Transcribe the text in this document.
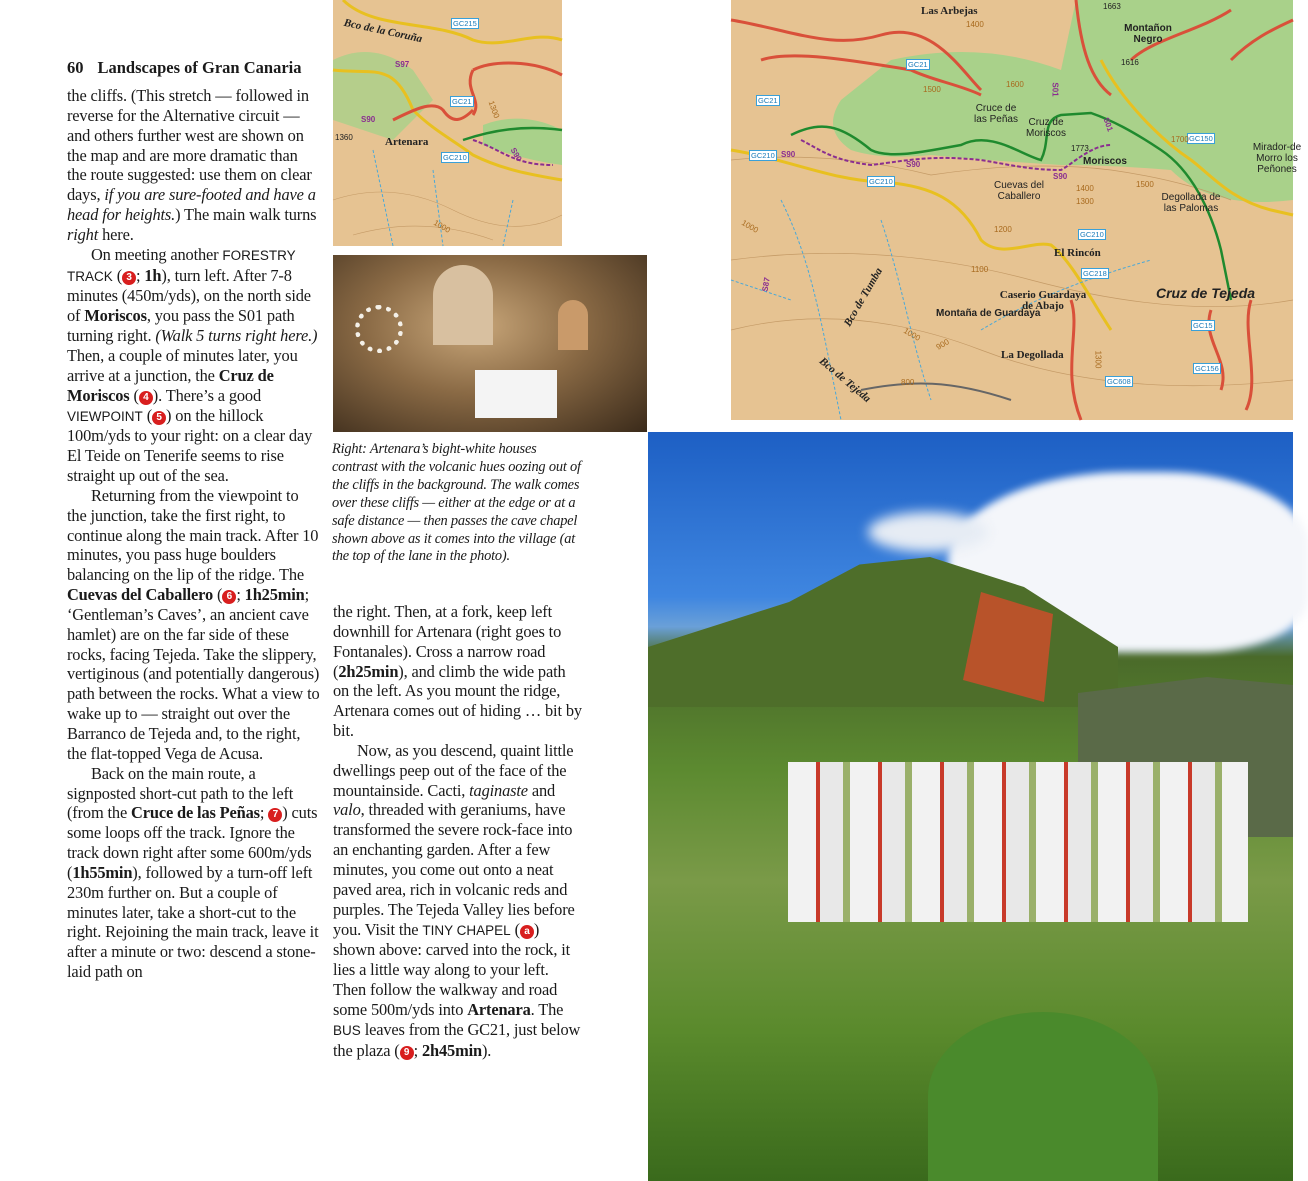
60 Landscapes of Gran Canaria

the cliffs. (This stretch — followed in reverse for the Alternative circuit — and others further west are shown on the map and are more dramatic than the route suggested: use them on clear days, if you are sure-footed and have a head for heights.) The main walk turns right here.

On meeting another FORESTRY TRACK ( 3 ; 1h), turn left. After 7-8 minutes (450m/yds), on the north side of Moriscos, you pass the S01 path turning right. (Walk 5 turns right here.) Then, a couple of minutes later, you arrive at a junction, the Cruz de Moriscos ( 4 ). There’s a good VIEWPOINT ( 5 ) on the hillock 100m/yds to your right: on a clear day El Teide on Tenerife seems to rise straight up out of the sea.

Returning from the viewpoint to the junction, take the first right, to continue along the main track. After 10 minutes, you pass huge boulders balancing on the lip of the ridge. The Cuevas del Caballero ( 6 ; 1h25min; ‘Gentleman’s Caves’, an ancient cave hamlet) are on the far side of these rocks, facing Tejeda. Take the slippery, vertiginous (and potentially dangerous) path between the rocks. What a view to wake up to — straight out over the Barranco de Tejeda and, to the right, the flat-topped Vega de Acusa.

Back on the main route, a signposted short-cut path to the left (from the Cruce de las Peñas; 7 ) cuts some loops off the track. Ignore the track down right after some 600m/yds (1h55min), followed by a turn-off left 230m further on. But a couple of minutes later, take a short-cut to the right. Rejoining the main track, leave it after a minute or two: descend a stone-laid path on

the right. Then, at a fork, keep left downhill for Artenara (right goes to Fontanales). Cross a narrow road (2h25min), and climb the wide path on the left. As you mount the ridge, Artenara comes out of hiding … bit by bit.

Now, as you descend, quaint little dwellings peep out of the face of the mountainside. Cacti, taginaste and valo, threaded with geraniums, have transformed the severe rock-face into an enchanting garden. After a few minutes, you come out onto a neat paved area, rich in volcanic reds and purples. The Tejeda Valley lies before you. Visit the TINY CHAPEL ( a ) shown above: carved into the rock, it lies a little way along to your left. Then follow the walkway and road some 500m/yds into Artenara. The BUS leaves from the GC21, just below the plaza ( 9 ; 2h45min).

Right: Artenara’s bight-white houses contrast with the volcanic hues oozing out of the cliffs in the background. The walk comes over these cliffs — either at the edge or at a safe distance — then passes the cave chapel shown above as it comes into the village (at the top of the lane in the photo).
Bco de la Coruña
Artenara
GC215
GC21
GC210
1360
1300
1000
S97
S90
S90
Las Arbejas
Montañon Negro
Cruce de las Peñas	Cruz de Moriscos
Moriscos
Cuevas del Caballero	Degollada de las Palomas
Mirador-de Morro los Peñones
El Rincón
Caserio Guardaya de Abajo
Montaña de Guardaya
La Degollada
Cruz de Tejeda
Bco de Tumba
Bco de Tejeda
GC21
GC21
GC210
GC210
GC210
GC218
GC150
GC15
GC156
GC608
1663
1616
1400
1500
1600
1773
1700
1400
1300
1500
1200
1100
1000
1000
900
800
1300
S90
S90
S90
S01
S01
S87
